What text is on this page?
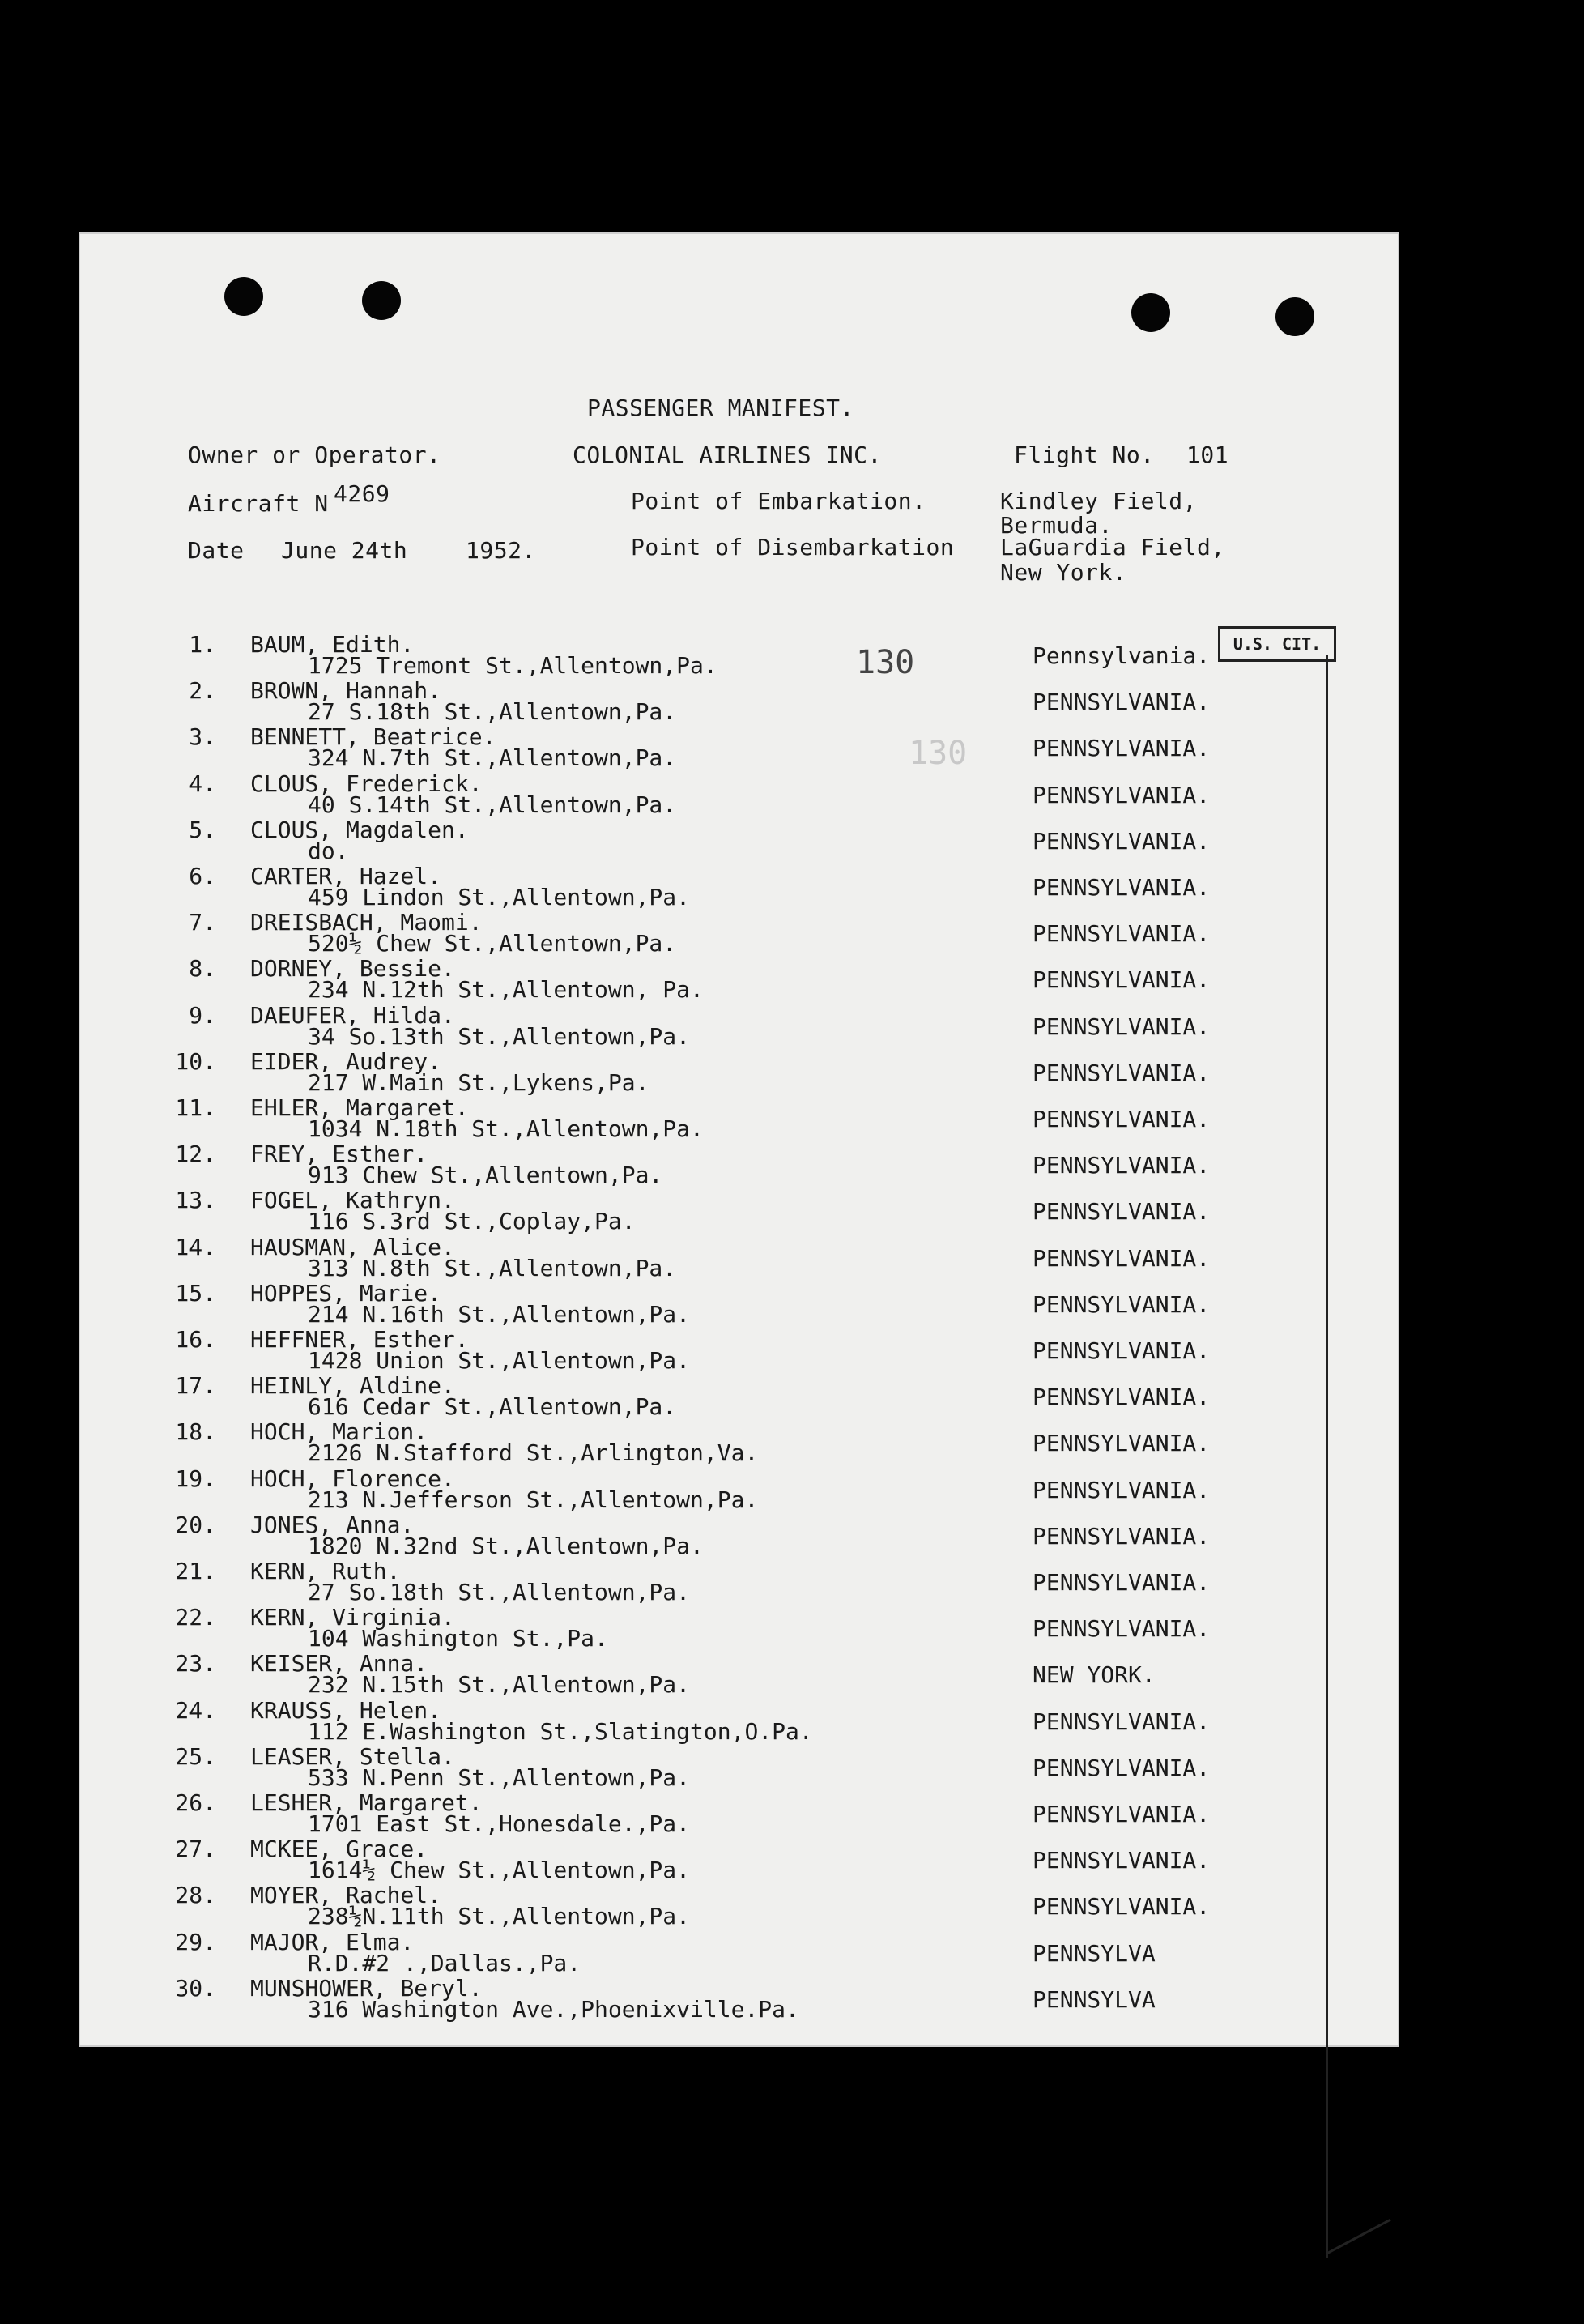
PASSENGER MANIFEST.
Owner or Operator.	COLONIAL AIRLINES INC.	Flight No. 101
Aircraft N 4269	Point of Embarkation.	Kindley Field,
Bermuda.
Date June 24th	1952.	Point of Disembarkation LaGuardia Field,
New York.
130
130
U.S. CIT.
1. BAUM, Edith.
1725 Tremont St.,Allentown,Pa.	Pennsylvania.
2. BROWN, Hannah.
27 S.18th St.,Allentown,Pa.	PENNSYLVANIA.
3. BENNETT, Beatrice.
324 N.7th St.,Allentown,Pa.	PENNSYLVANIA.
4. CLOUS, Frederick.
40 S.14th St.,Allentown,Pa.	PENNSYLVANIA.
5. CLOUS, Magdalen.
do.	PENNSYLVANIA.
6. CARTER, Hazel.
459 Lindon St.,Allentown,Pa.	PENNSYLVANIA.
7. DREISBACH, Maomi.
520½ Chew St.,Allentown,Pa.	PENNSYLVANIA.
8. DORNEY, Bessie.
234 N.12th St.,Allentown, Pa.	PENNSYLVANIA.
9. DAEUFER, Hilda.
34 So.13th St.,Allentown,Pa.	PENNSYLVANIA.
10. EIDER, Audrey.
217 W.Main St.,Lykens,Pa.	PENNSYLVANIA.
11. EHLER, Margaret.
1034 N.18th St.,Allentown,Pa.	PENNSYLVANIA.
12. FREY, Esther.
913 Chew St.,Allentown,Pa.	PENNSYLVANIA.
13. FOGEL, Kathryn.
116 S.3rd St.,Coplay,Pa.	PENNSYLVANIA.
14. HAUSMAN, Alice.
313 N.8th St.,Allentown,Pa.	PENNSYLVANIA.
15. HOPPES, Marie.
214 N.16th St.,Allentown,Pa.	PENNSYLVANIA.
16. HEFFNER, Esther.
1428 Union St.,Allentown,Pa.	PENNSYLVANIA.
17. HEINLY, Aldine.
616 Cedar St.,Allentown,Pa.	PENNSYLVANIA.
18. HOCH, Marion.
2126 N.Stafford St.,Arlington,Va.	PENNSYLVANIA.
19. HOCH, Florence.
213 N.Jefferson St.,Allentown,Pa.	PENNSYLVANIA.
20. JONES, Anna.
1820 N.32nd St.,Allentown,Pa.	PENNSYLVANIA.
21. KERN, Ruth.
27 So.18th St.,Allentown,Pa.	PENNSYLVANIA.
22. KERN, Virginia.
104 Washington St.,Pa.	PENNSYLVANIA.
23. KEISER, Anna.
232 N.15th St.,Allentown,Pa.	NEW YORK.
24. KRAUSS, Helen.
112 E.Washington St.,Slatington,O.Pa.	PENNSYLVANIA.
25. LEASER, Stella.
533 N.Penn St.,Allentown,Pa.	PENNSYLVANIA.
26. LESHER, Margaret.
1701 East St.,Honesdale.,Pa.	PENNSYLVANIA.
27. MCKEE, Grace.
1614½ Chew St.,Allentown,Pa.	PENNSYLVANIA.
28. MOYER, Rachel.
238½N.11th St.,Allentown,Pa.	PENNSYLVANIA.
29. MAJOR, Elma.
R.D.#2 .,Dallas.,Pa.	PENNSYLVA
30. MUNSHOWER, Beryl.
316 Washington Ave.,Phoenixville.Pa.	PENNSYLVA
